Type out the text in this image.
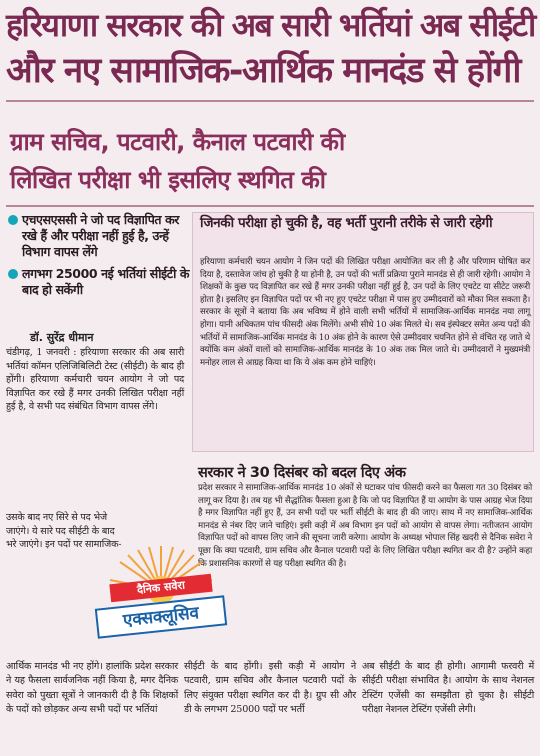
हरियाणा सरकार की अब सारी भर्तियां अब सीईटी
और नए सामाजिक-आर्थिक मानदंड से होंगी
ग्राम सचिव, पटवारी, कैनाल पटवारी की
लिखित परीक्षा भी इसलिए स्थगित की
एचएसएससी ने जो पद विज्ञापित कर रखे हैं और परीक्षा नहीं हुई है, उन्हें विभाग वापस लेंगे
लगभग 25000 नई भर्तियां सीईटी के बाद हो सकेंगी
डॉ. सुरेंद्र धीमान

चंडीगढ़, 1 जनवरी : हरियाणा सरकार की अब सारी भर्तियां कॉमन एलिजिबिलिटी टेस्ट (सीईटी) के बाद ही होंगी। हरियाणा कर्मचारी चयन आयोग ने जो पद विज्ञापित कर रखे हैं मगर उनकी लिखित परीक्षा नहीं हुई है, वे सभी पद संबंधित विभाग वापस लेंगे।

उसके बाद नए सिरे से पद भेजे जाएंगे। ये सारे पद सीईटी के बाद भरे जाएंगे। इन पदों पर सामाजिक-

जिनकी परीक्षा हो चुकी है, वह भर्ती पुरानी तरीके से जारी रहेगी

हरियाणा कर्मचारी चयन आयोग ने जिन पदों की लिखित परीक्षा आयोजित कर ली है और परिणाम घोषित कर दिया है, दस्तावेज जांच हो चुकी है या होनी है, उन पदों की भर्ती प्रक्रिया पुराने मानदंड से ही जारी रहेगी। आयोग ने शिक्षकों के कुछ पद विज्ञापित कर रखे हैं मगर उनकी परीक्षा नहीं हुई है, उन पदों के लिए एचटेट या सीटेट जरूरी होता है। इसलिए इन विज्ञापित पदों पर भी नए हुए एचटेट परीक्षा में पास हुए उम्मीदवारों को मौका मिल सकता है। सरकार के सूत्रों ने बताया कि अब भविष्य में होने वाली सभी भर्तियों में सामाजिक-आर्थिक मानदंड नया लागू होगा। यानी अधिकतम पांच फीसदी अंक मिलेंगे। अभी सीधे 10 अंक मिलते थे। सब इंस्पेक्टर समेत अन्य पदों की भर्तियों में सामाजिक-आर्थिक मानदंड के 10 अंक होने के कारण ऐसे उम्मीदवार चयनित होने से वंचित रह जाते थे क्योंकि कम अंकों वालों को सामाजिक-आर्थिक मानदंड के 10 अंक तक मिल जाते थे। उम्मीदवारों ने मुख्यमंत्री मनोहर लाल से आग्रह किया था कि ये अंक कम होने चाहिएं।

सरकार ने 30 दिसंबर को बदल दिए अंक

प्रदेश सरकार ने सामाजिक-आर्थिक मानदंड 10 अंकों से घटाकर पांच फीसदी करने का फैसला गत 30 दिसंबर को लागू कर दिया है। तब यह भी सैद्धांतिक फैसला हुआ है कि जो पद विज्ञापित हैं या आयोग के पास आग्रह भेज दिया है मगर विज्ञापित नहीं हुए हैं, उन सभी पदों पर भर्ती सीईटी के बाद ही की जाए। साथ में नए सामाजिक-आर्थिक मानदंड से नंबर दिए जाने चाहिएं। इसी कड़ी में अब विभाग इन पदों को आयोग से वापस लेगा। नतीजतन आयोग विज्ञापित पदों को वापस लिए जाने की सूचना जारी करेगा। आयोग के अध्यक्ष भोपाल सिंह खदरी से दैनिक सवेरा ने पूछा कि क्या पटवारी, ग्राम सचिव और कैनाल पटवारी पदों के लिए लिखित परीक्षा स्थगित कर दी है? उन्होंने कहा कि प्रशासनिक कारणों से यह परीक्षा स्थगित की है।

दैनिक सवेरा
एक्सक्लूसिव

आर्थिक मानदंड भी नए होंगे। हालांकि प्रदेश सरकार ने यह फैसला सार्वजनिक नहीं किया है, मगर दैनिक सवेरा को पुख्ता सूत्रों ने जानकारी दी है कि शिक्षकों के पदों को छोड़कर अन्य सभी पदों पर भर्तियां

सीईटी के बाद होंगी। इसी कड़ी में आयोग ने पटवारी, ग्राम सचिव और कैनाल पटवारी पदों के लिए संयुक्त परीक्षा स्थगित कर दी है। ग्रुप सी और डी के लगभग 25000 पदों पर भर्ती

अब सीईटी के बाद ही होगी। आगामी फरवरी में सीईटी परीक्षा संभावित है। आयोग के साथ नेशनल टेस्टिंग एजेंसी का समझौता हो चुका है। सीईटी परीक्षा नेशनल टेस्टिंग एजेंसी लेगी।
